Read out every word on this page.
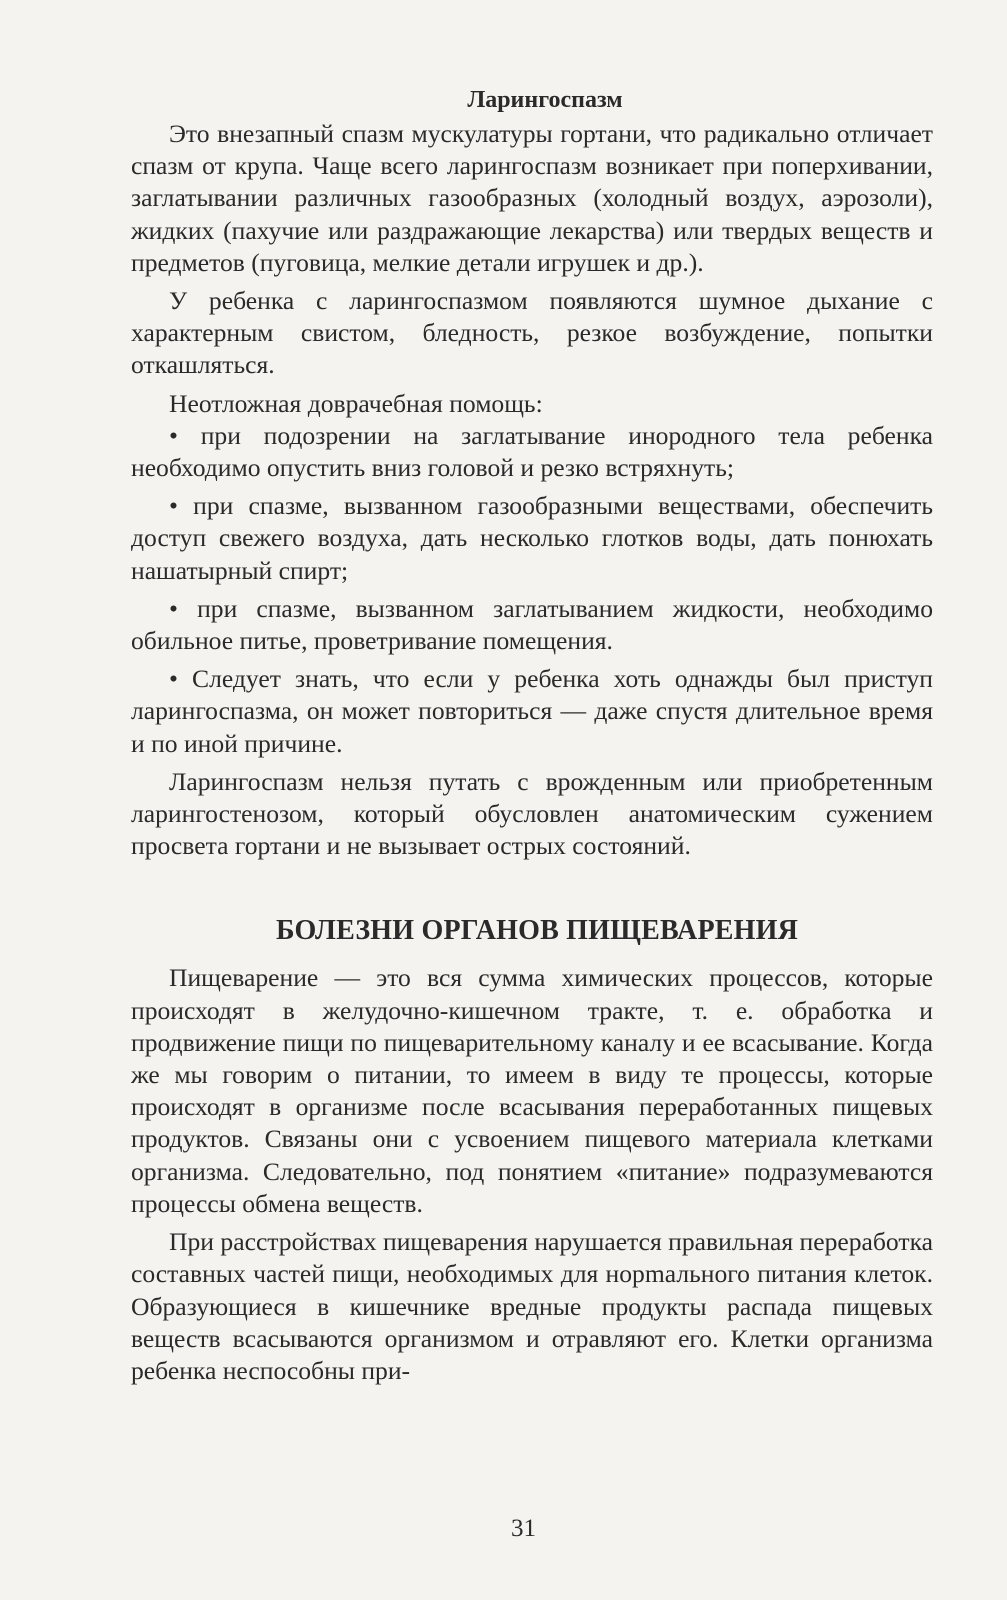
Ларингоспазм

Это внезапный спазм мускулатуры гортани, что радикально отличает спазм от крупа. Чаще всего ларингоспазм возникает при поперхивании, заглатывании различных газообразных (холодный воздух, аэрозоли), жидких (пахучие или раздражающие лекарства) или твердых веществ и предметов (пуговица, мелкие детали игрушек и др.).

У ребенка с ларингоспазмом появляются шумное дыхание с характерным свистом, бледность, резкое возбуждение, попытки откашляться.

Неотложная доврачебная помощь:

• при подозрении на заглатывание инородного тела ребенка необходимо опустить вниз головой и резко встряхнуть;

• при спазме, вызванном газообразными веществами, обеспечить доступ свежего воздуха, дать несколько глотков воды, дать понюхать нашатырный спирт;

• при спазме, вызванном заглатыванием жидкости, необходимо обильное питье, проветривание помещения.

• Следует знать, что если у ребенка хоть однажды был приступ ларингоспазма, он может повториться — даже спустя длительное время и по иной причине.

Ларингоспазм нельзя путать с врожденным или приобретенным ларингостенозом, который обусловлен анатомическим сужением просвета гортани и не вызывает острых состояний.

БОЛЕЗНИ ОРГАНОВ ПИЩЕВАРЕНИЯ

Пищеварение — это вся сумма химических процессов, которые происходят в желудочно-кишечном тракте, т. е. обработка и продвижение пищи по пищеварительному каналу и ее всасывание. Когда же мы говорим о питании, то имеем в виду те процессы, которые происходят в организме после всасывания переработанных пищевых продуктов. Связаны они с усвоением пищевого материала клетками организма. Следовательно, под понятием «питание» подразумеваются процессы обмена веществ.

При расстройствах пищеварения нарушается правильная переработка составных частей пищи, необходимых для норmального питания клеток. Образующиеся в кишечнике вредные продукты распада пищевых веществ всасываются организмом и отравляют его. Клетки организма ребенка неспособны при-

31
